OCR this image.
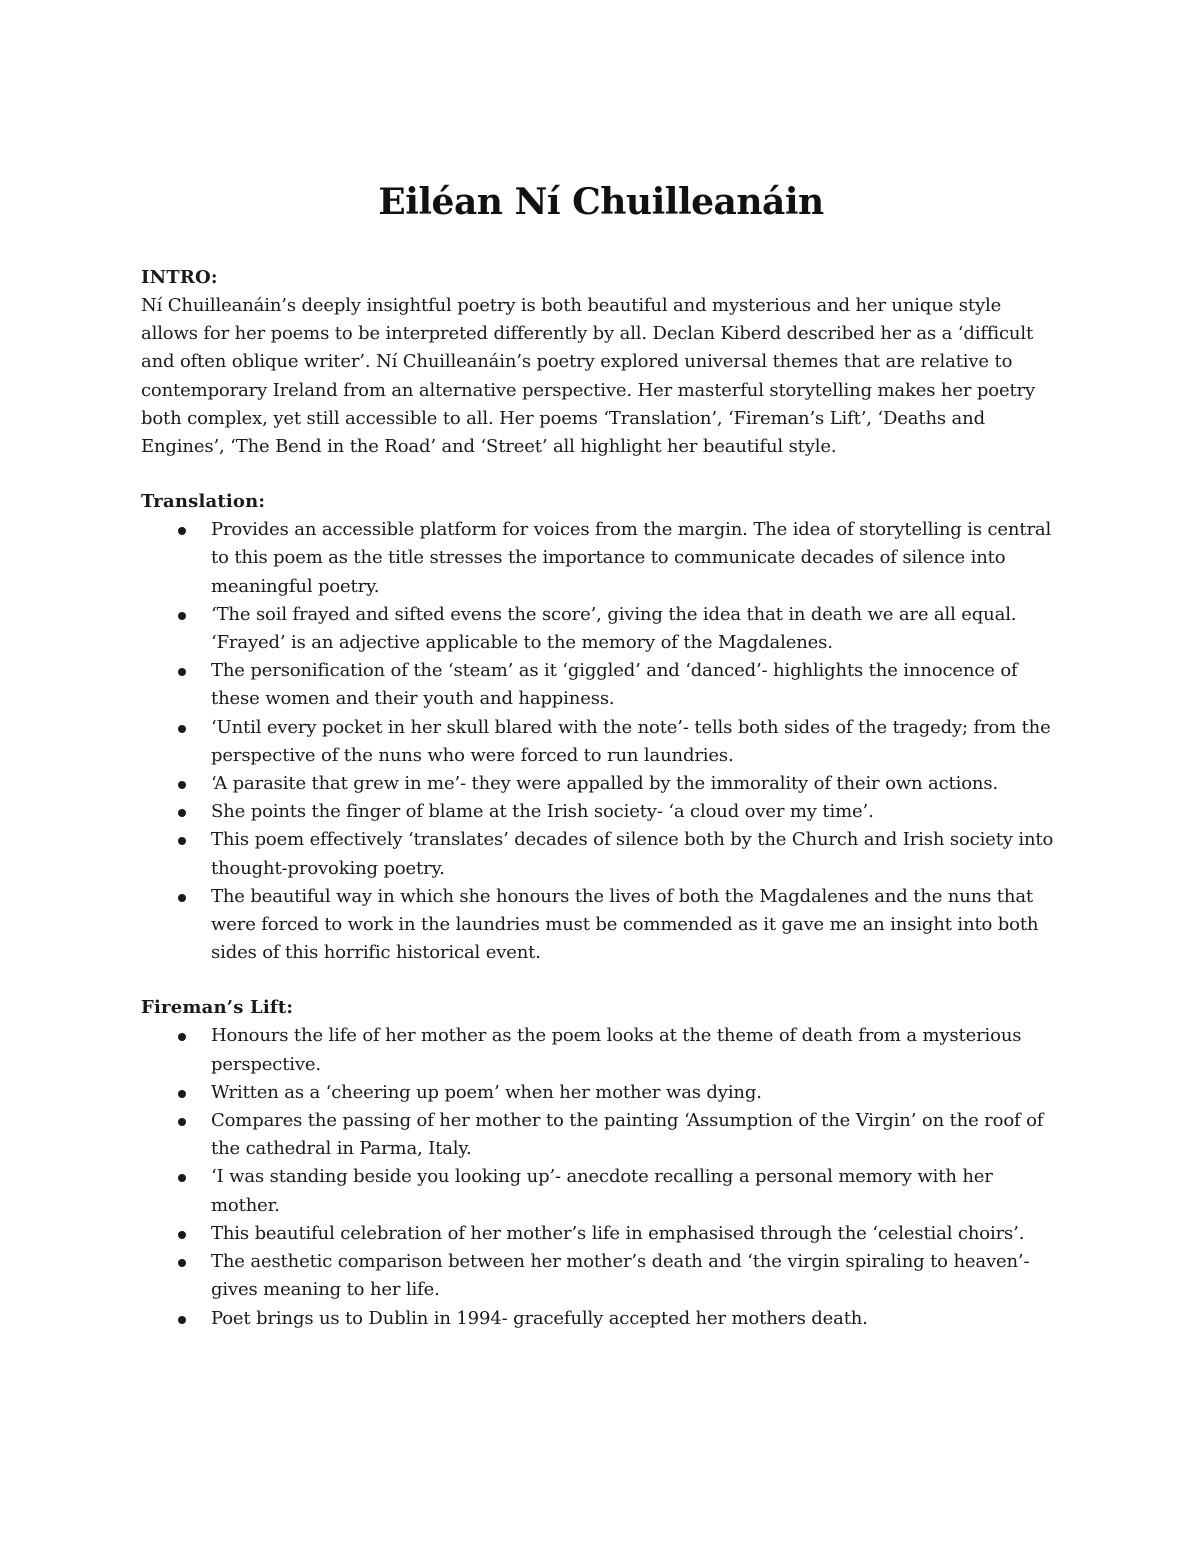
Eiléan Ní Chuilleanáin

INTRO:

Ní Chuilleanáin’s deeply insightful poetry is both beautiful and mysterious and her unique style allows for her poems to be interpreted differently by all. Declan Kiberd described her as a ‘difficult and often oblique writer’. Ní Chuilleanáin’s poetry explored universal themes that are relative to contemporary Ireland from an alternative perspective. Her masterful storytelling makes her poetry both complex, yet still accessible to all. Her poems ‘Translation’, ‘Fireman’s Lift’, ‘Deaths and Engines’, ‘The Bend in the Road’ and ‘Street’ all highlight her beautiful style.

Translation:

Provides an accessible platform for voices from the margin. The idea of storytelling is central to this poem as the title stresses the importance to communicate decades of silence into meaningful poetry.
‘The soil frayed and sifted evens the score’, giving the idea that in death we are all equal. ‘Frayed’ is an adjective applicable to the memory of the Magdalenes.
The personification of the ‘steam’ as it ‘giggled’ and ‘danced’- highlights the innocence of these women and their youth and happiness.
‘Until every pocket in her skull blared with the note’- tells both sides of the tragedy; from the perspective of the nuns who were forced to run laundries.
‘A parasite that grew in me’- they were appalled by the immorality of their own actions.
She points the finger of blame at the Irish society- ‘a cloud over my time’.
This poem effectively ‘translates’ decades of silence both by the Church and Irish society into thought-provoking poetry.
The beautiful way in which she honours the lives of both the Magdalenes and the nuns that were forced to work in the laundries must be commended as it gave me an insight into both sides of this horrific historical event.

Fireman’s Lift:

Honours the life of her mother as the poem looks at the theme of death from a mysterious perspective.
Written as a ‘cheering up poem’ when her mother was dying.
Compares the passing of her mother to the painting ‘Assumption of the Virgin’ on the roof of the cathedral in Parma, Italy.
‘I was standing beside you looking up’- anecdote recalling a personal memory with her mother.
This beautiful celebration of her mother’s life in emphasised through the ‘celestial choirs’.
The aesthetic comparison between her mother’s death and ‘the virgin spiraling to heaven’- gives meaning to her life.
Poet brings us to Dublin in 1994- gracefully accepted her mothers death.
